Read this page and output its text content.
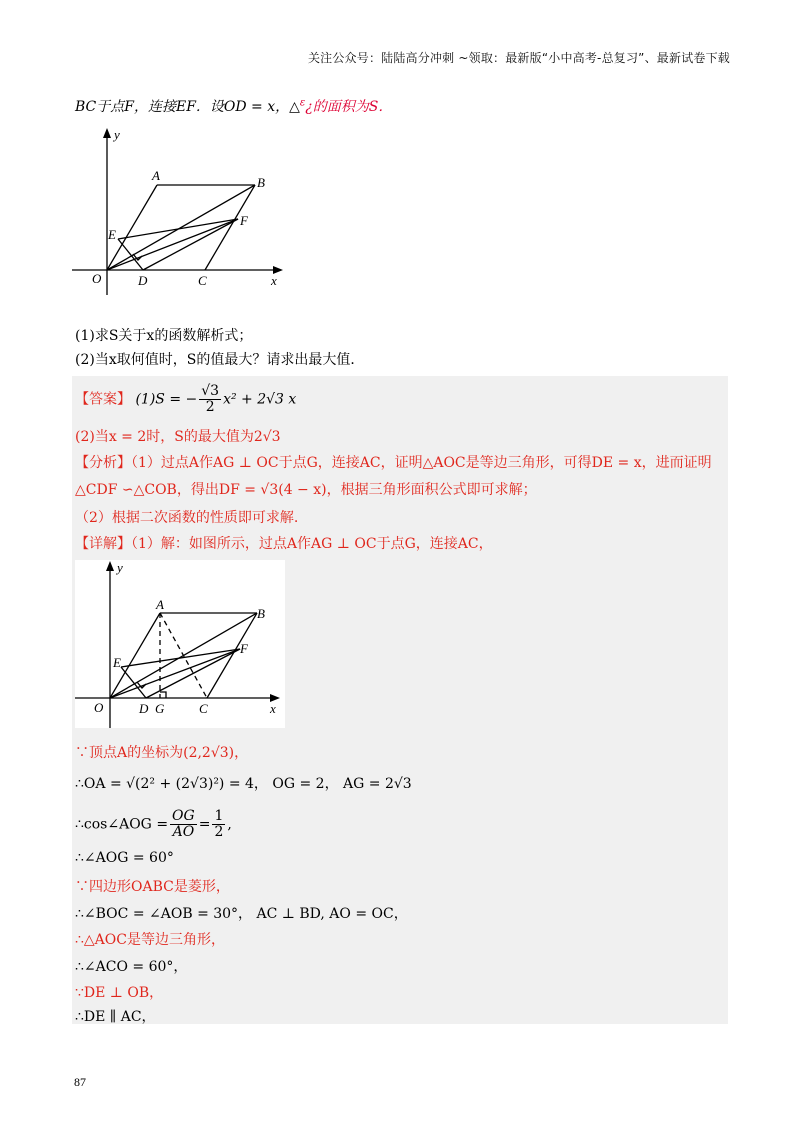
关注公众号：陆陆高分冲刺 ~领取：最新版“小中高考-总复习”、最新试卷下载
BC于点F，连接EF．设OD = x，△$^\varepsilon$¿的面积为S．
y
A	B
E
F
O	D	C	x
(1)求S关于x的函数解析式；
(2)当x取何值时，S的值最大？请求出最大值．
【答案】 (1)S = − $\frac{√3}{2} x^2 + 2√3$ x
(2)当x = 2时，S的最大值为2√3
【分析】（1）过点A作AG ⊥ OC于点G，连接AC，证明△AOC是等边三角形，可得DE = x，进而证明
△CDF ∽△COB，得出DF = √3(4 − x)，根据三角形面积公式即可求解；
（2）根据二次函数的性质即可求解.
【详解】（1）解：如图所示，过点A作AG ⊥ OC于点G，连接AC，
y
A
B
E
F
O	D G	C	x
∵顶点A的坐标为(2,2√3)，
∴OA = √(2² + (2√3)²) = 4， OG = 2， AG = 2√3
∴cos∠AOG = $\frac{OG}{AO} = \frac{1}{2}$ ,
∴∠AOG = 60°
∵四边形OABC是菱形，
∴∠BOC = ∠AOB = 30°， AC ⊥ BD, AO = OC，
∴△AOC是等边三角形，
∴∠ACO = 60°，
∵DE ⊥ OB，
∴DE ∥ AC，
87
